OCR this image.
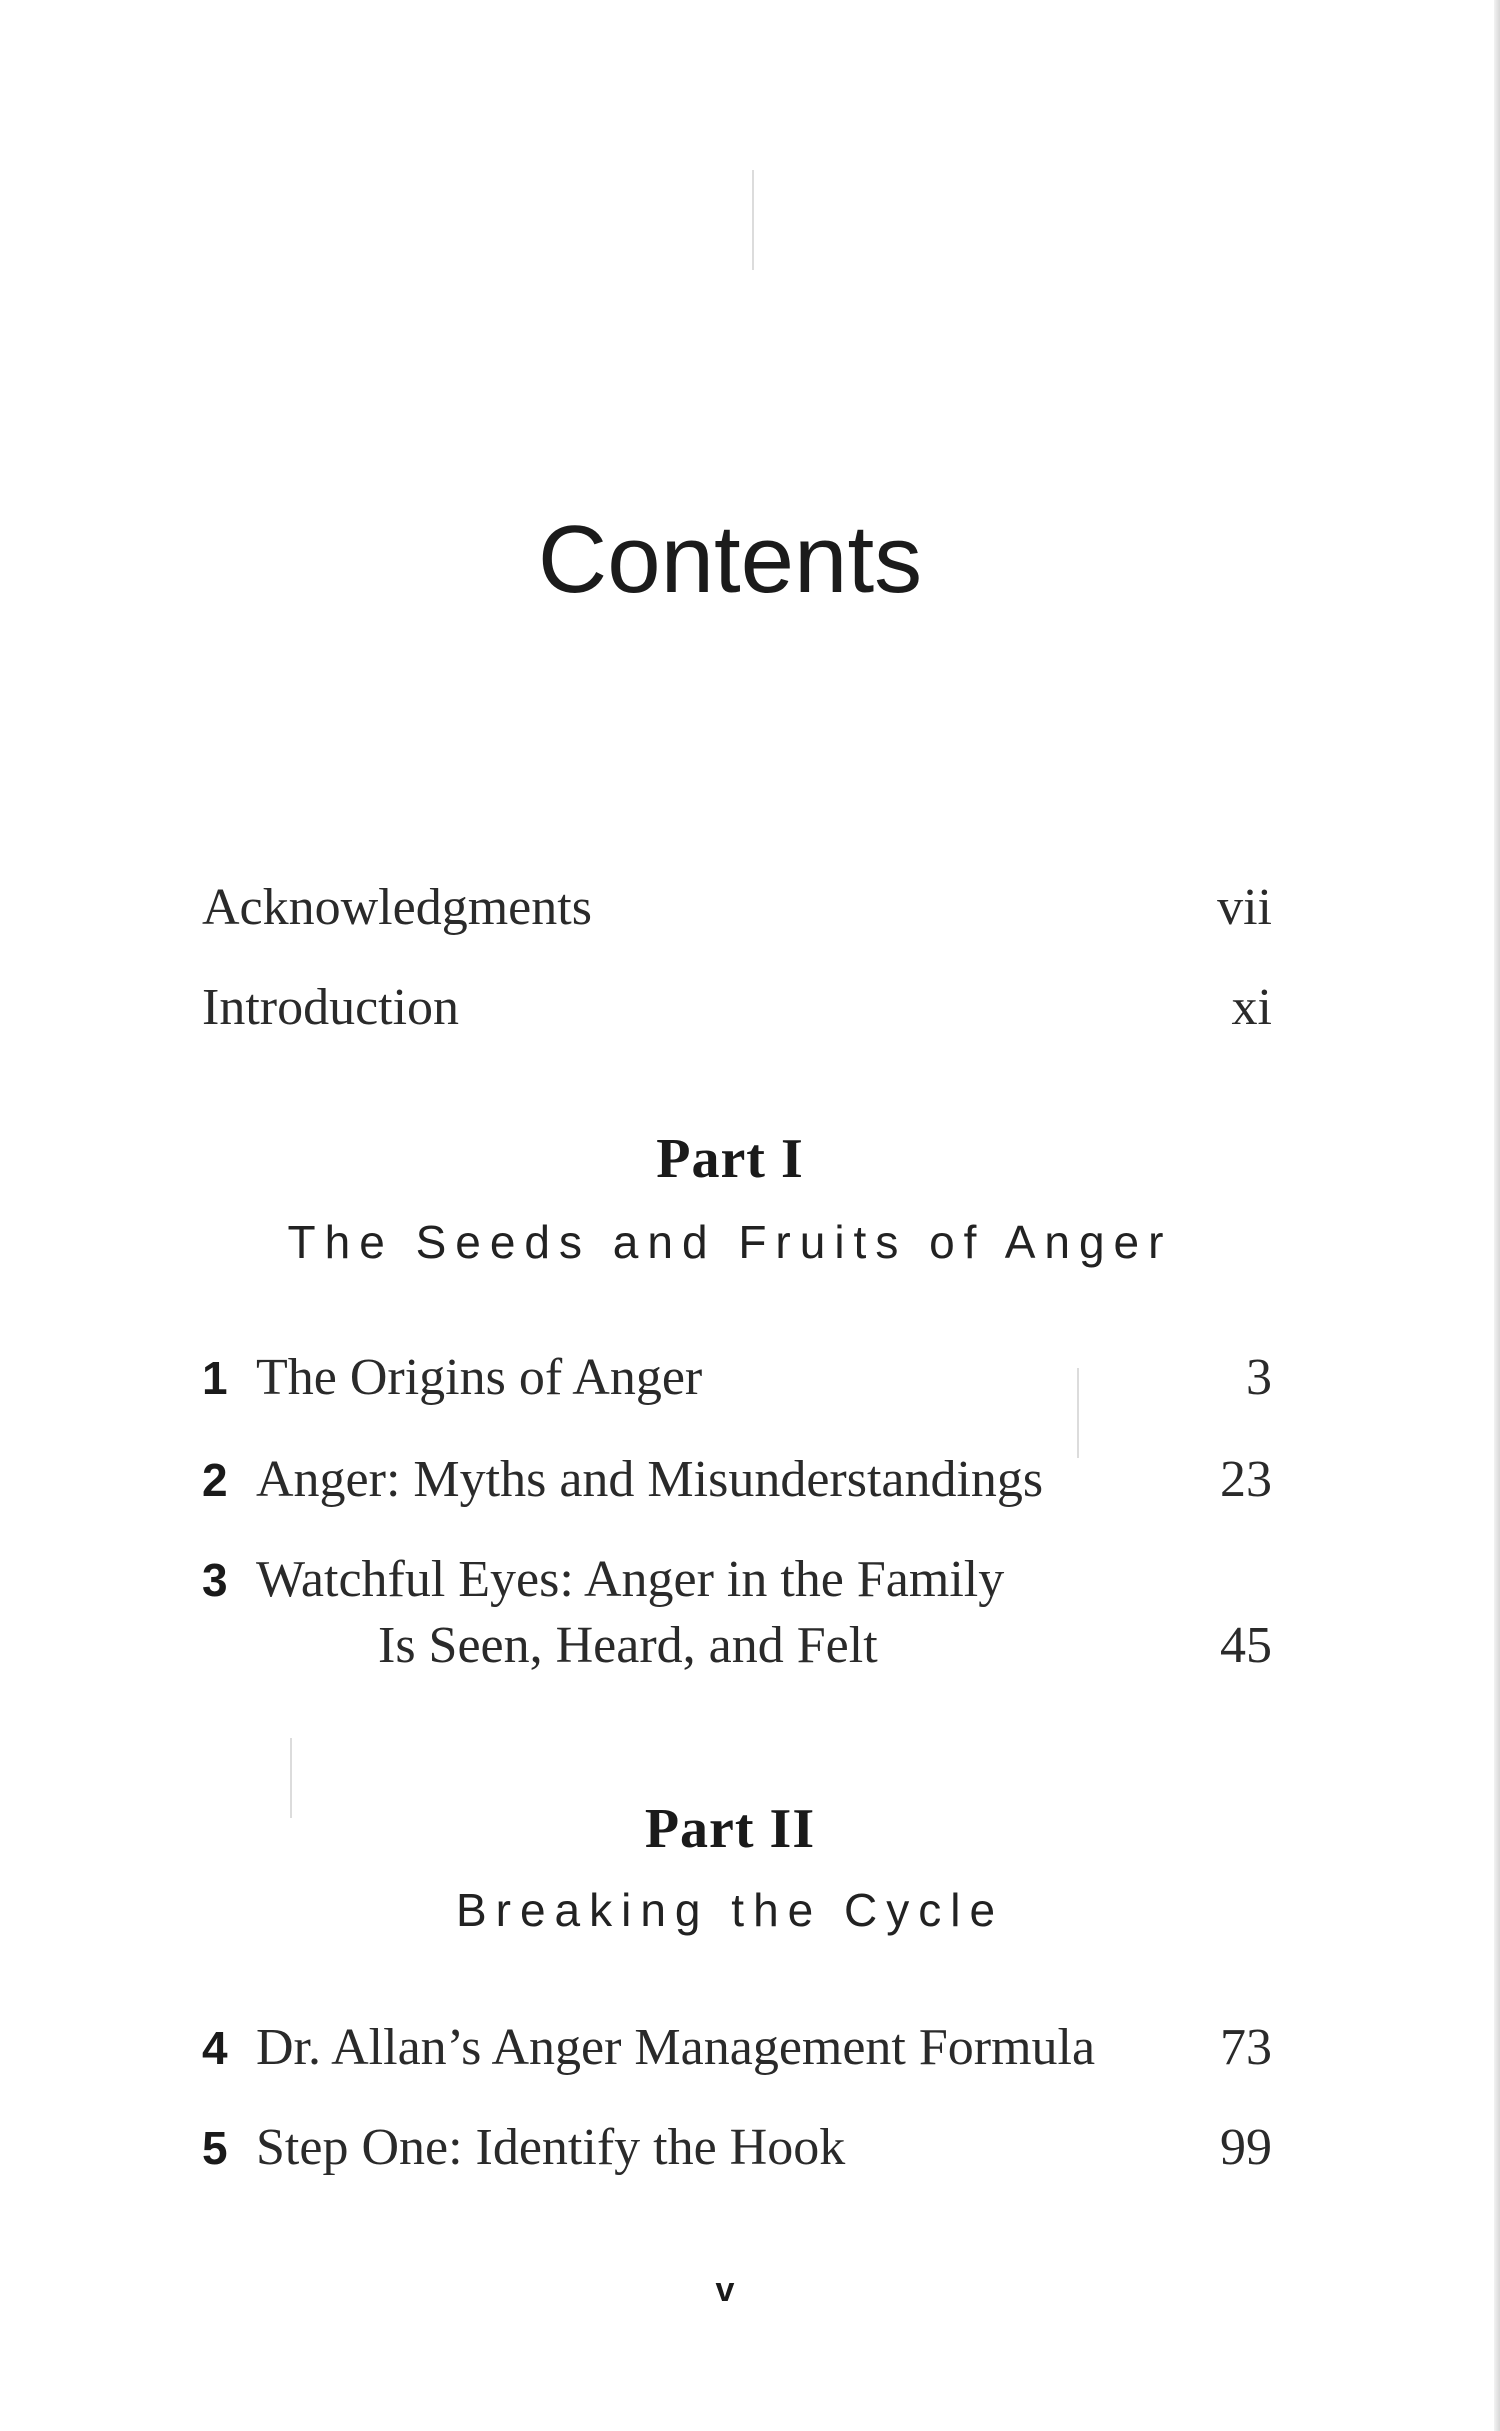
Contents
Acknowledgments	vii
Introduction	xi
Part I
The Seeds and Fruits of Anger
1 The Origins of Anger	3
2 Anger: Myths and Misunderstandings	23
3 Watchful Eyes: Anger in the Family
Is Seen, Heard, and Felt	45
Part II
Breaking the Cycle
4 Dr. Allan’s Anger Management Formula 73
5 Step One: Identify the Hook	99
v
